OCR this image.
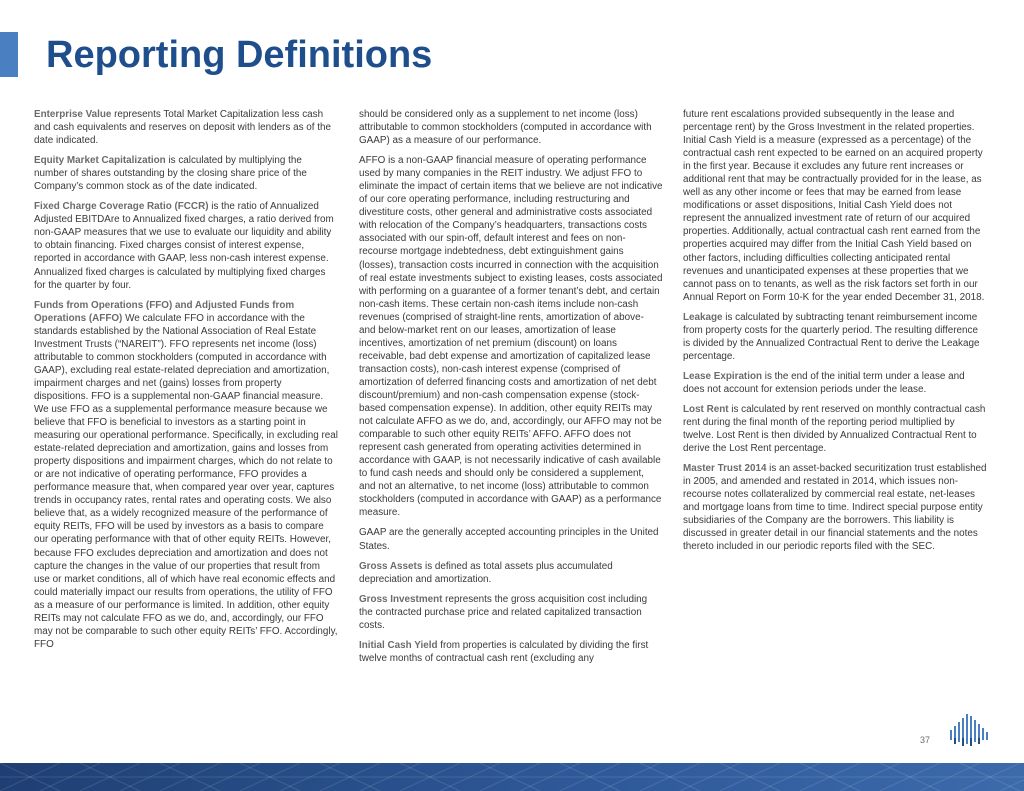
Reporting Definitions

Enterprise Value represents Total Market Capitalization less cash and cash equivalents and reserves on deposit with lenders as of the date indicated.

Equity Market Capitalization is calculated by multiplying the number of shares outstanding by the closing share price of the Company’s common stock as of the date indicated.

Fixed Charge Coverage Ratio (FCCR) is the ratio of Annualized Adjusted EBITDAre to Annualized fixed charges, a ratio derived from non-GAAP measures that we use to evaluate our liquidity and ability to obtain financing. Fixed charges consist of interest expense, reported in accordance with GAAP, less non-cash interest expense. Annualized fixed charges is calculated by multiplying fixed charges for the quarter by four.

Funds from Operations (FFO) and Adjusted Funds from Operations (AFFO) We calculate FFO in accordance with the standards established by the National Association of Real Estate Investment Trusts (“NAREIT”). FFO represents net income (loss) attributable to common stockholders (computed in accordance with GAAP), excluding real estate-related depreciation and amortization, impairment charges and net (gains) losses from property dispositions. FFO is a supplemental non-GAAP financial measure. We use FFO as a supplemental performance measure because we believe that FFO is beneficial to investors as a starting point in measuring our operational performance. Specifically, in excluding real estate-related depreciation and amortization, gains and losses from property dispositions and impairment charges, which do not relate to or are not indicative of operating performance, FFO provides a performance measure that, when compared year over year, captures trends in occupancy rates, rental rates and operating costs. We also believe that, as a widely recognized measure of the performance of equity REITs, FFO will be used by investors as a basis to compare our operating performance with that of other equity REITs. However, because FFO excludes depreciation and amortization and does not capture the changes in the value of our properties that result from use or market conditions, all of which have real economic effects and could materially impact our results from operations, the utility of FFO as a measure of our performance is limited. In addition, other equity REITs may not calculate FFO as we do, and, accordingly, our FFO may not be comparable to such other equity REITs’ FFO. Accordingly, FFO

should be considered only as a supplement to net income (loss) attributable to common stockholders (computed in accordance with GAAP) as a measure of our performance.

AFFO is a non-GAAP financial measure of operating performance used by many companies in the REIT industry. We adjust FFO to eliminate the impact of certain items that we believe are not indicative of our core operating performance, including restructuring and divestiture costs, other general and administrative costs associated with relocation of the Company’s headquarters, transactions costs associated with our spin-off, default interest and fees on non-recourse mortgage indebtedness, debt extinguishment gains (losses), transaction costs incurred in connection with the acquisition of real estate investments subject to existing leases, costs associated with performing on a guarantee of a former tenant’s debt, and certain non-cash items. These certain non-cash items include non-cash revenues (comprised of straight-line rents, amortization of above- and below-market rent on our leases, amortization of lease incentives, amortization of net premium (discount) on loans receivable, bad debt expense and amortization of capitalized lease transaction costs), non-cash interest expense (comprised of amortization of deferred financing costs and amortization of net debt discount/premium) and non-cash compensation expense (stock-based compensation expense). In addition, other equity REITs may not calculate AFFO as we do, and, accordingly, our AFFO may not be comparable to such other equity REITs’ AFFO. AFFO does not represent cash generated from operating activities determined in accordance with GAAP, is not necessarily indicative of cash available to fund cash needs and should only be considered a supplement, and not an alternative, to net income (loss) attributable to common stockholders (computed in accordance with GAAP) as a performance measure.

GAAP are the generally accepted accounting principles in the United States.

Gross Assets is defined as total assets plus accumulated depreciation and amortization.

Gross Investment represents the gross acquisition cost including the contracted purchase price and related capitalized transaction costs.

Initial Cash Yield from properties is calculated by dividing the first twelve months of contractual cash rent (excluding any

future rent escalations provided subsequently in the lease and percentage rent) by the Gross Investment in the related properties. Initial Cash Yield is a measure (expressed as a percentage) of the contractual cash rent expected to be earned on an acquired property in the first year. Because it excludes any future rent increases or additional rent that may be contractually provided for in the lease, as well as any other income or fees that may be earned from lease modifications or asset dispositions, Initial Cash Yield does not represent the annualized investment rate of return of our acquired properties. Additionally, actual contractual cash rent earned from the properties acquired may differ from the Initial Cash Yield based on other factors, including difficulties collecting anticipated rental revenues and unanticipated expenses at these properties that we cannot pass on to tenants, as well as the risk factors set forth in our Annual Report on Form 10-K for the year ended December 31, 2018.

Leakage is calculated by subtracting tenant reimbursement income from property costs for the quarterly period. The resulting difference is divided by the Annualized Contractual Rent to derive the Leakage percentage.

Lease Expiration is the end of the initial term under a lease and does not account for extension periods under the lease.

Lost Rent is calculated by rent reserved on monthly contractual cash rent during the final month of the reporting period multiplied by twelve. Lost Rent is then divided by Annualized Contractual Rent to derive the Lost Rent percentage.

Master Trust 2014 is an asset-backed securitization trust established in 2005, and amended and restated in 2014, which issues non-recourse notes collateralized by commercial real estate, net-leases and mortgage loans from time to time. Indirect special purpose entity subsidiaries of the Company are the borrowers. This liability is discussed in greater detail in our financial statements and the notes thereto included in our periodic reports filed with the SEC.

37
